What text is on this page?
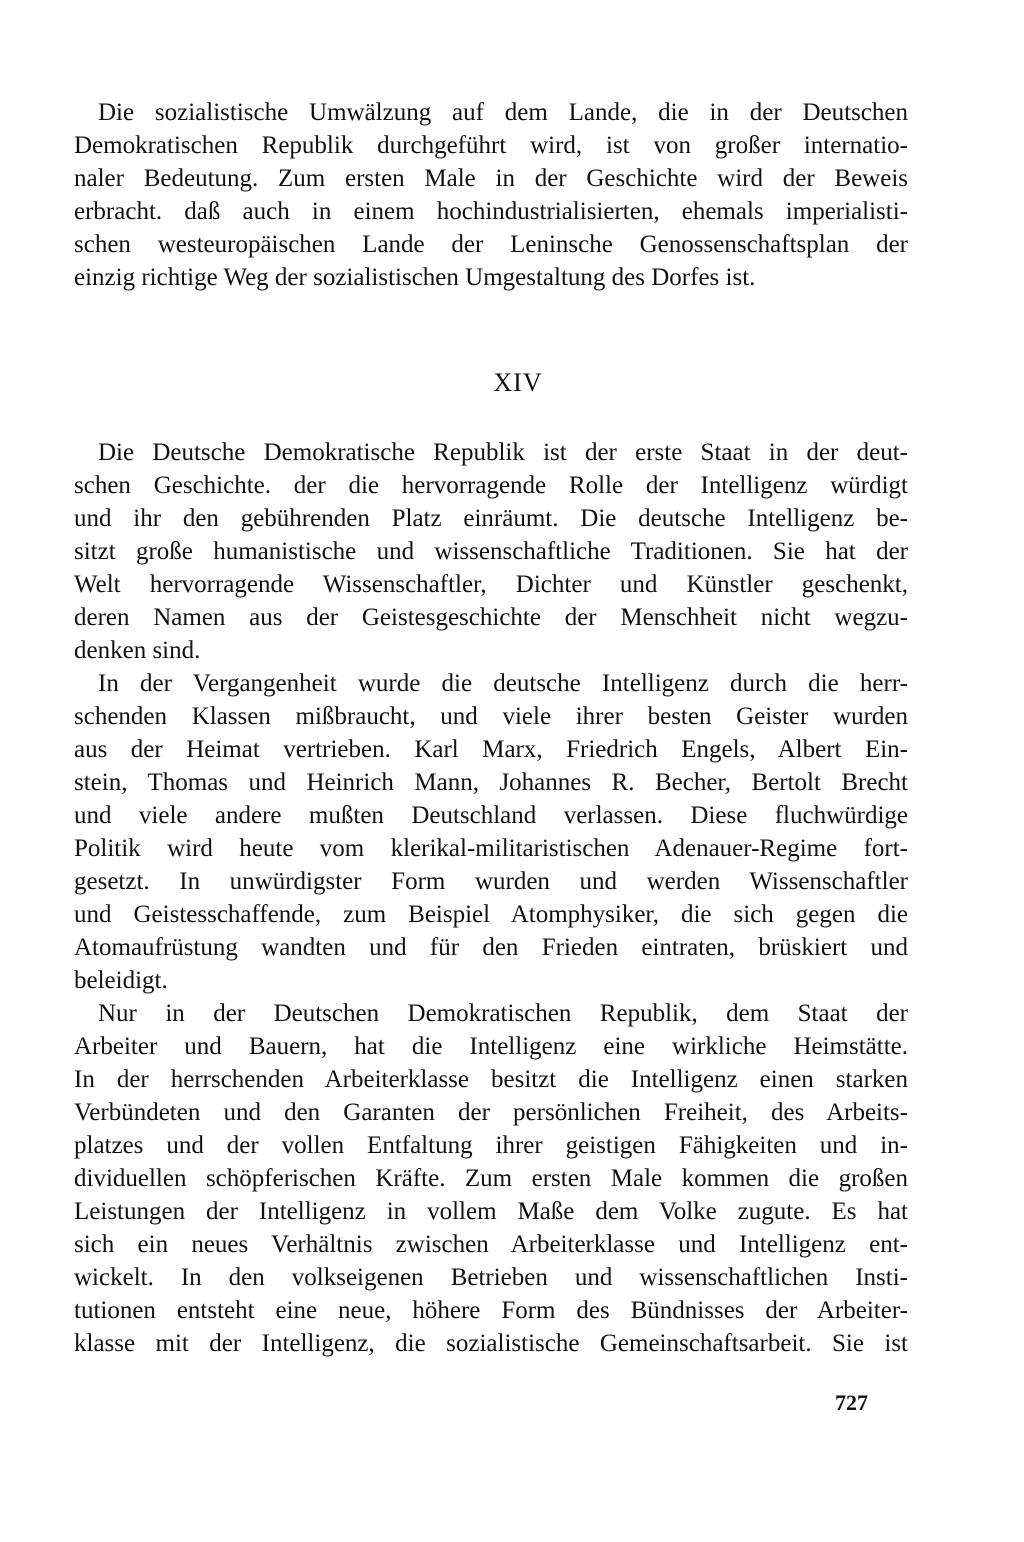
Die sozialistische Umwälzung auf dem Lande, die in der Deutschen
Demokratischen Republik durchgeführt wird, ist von großer internatio-
naler Bedeutung. Zum ersten Male in der Geschichte wird der Beweis
erbracht. daß auch in einem hochindustrialisierten, ehemals imperialisti-
schen westeuropäischen Lande der Leninsche Genossenschaftsplan der
einzig richtige Weg der sozialistischen Umgestaltung des Dorfes ist.
XIV
Die Deutsche Demokratische Republik ist der erste Staat in der deut-
schen Geschichte. der die hervorragende Rolle der Intelligenz würdigt
und ihr den gebührenden Platz einräumt. Die deutsche Intelligenz be-
sitzt große humanistische und wissenschaftliche Traditionen. Sie hat der
Welt hervorragende Wissenschaftler, Dichter und Künstler geschenkt,
deren Namen aus der Geistesgeschichte der Menschheit nicht wegzu-
denken sind.
In der Vergangenheit wurde die deutsche Intelligenz durch die herr-
schenden Klassen mißbraucht, und viele ihrer besten Geister wurden
aus der Heimat vertrieben. Karl Marx, Friedrich Engels, Albert Ein-
stein, Thomas und Heinrich Mann, Johannes R. Becher, Bertolt Brecht
und viele andere mußten Deutschland verlassen. Diese fluchwürdige
Politik wird heute vom klerikal-militaristischen Adenauer-Regime fort-
gesetzt. In unwürdigster Form wurden und werden Wissenschaftler
und Geistesschaffende, zum Beispiel Atomphysiker, die sich gegen die
Atomaufrüstung wandten und für den Frieden eintraten, brüskiert und
beleidigt.
Nur in der Deutschen Demokratischen Republik, dem Staat der
Arbeiter und Bauern, hat die Intelligenz eine wirkliche Heimstätte.
In der herrschenden Arbeiterklasse besitzt die Intelligenz einen starken
Verbündeten und den Garanten der persönlichen Freiheit, des Arbeits-
platzes und der vollen Entfaltung ihrer geistigen Fähigkeiten und in-
dividuellen schöpferischen Kräfte. Zum ersten Male kommen die großen
Leistungen der Intelligenz in vollem Maße dem Volke zugute. Es hat
sich ein neues Verhältnis zwischen Arbeiterklasse und Intelligenz ent-
wickelt. In den volkseigenen Betrieben und wissenschaftlichen Insti-
tutionen entsteht eine neue, höhere Form des Bündnisses der Arbeiter-
klasse mit der Intelligenz, die sozialistische Gemeinschaftsarbeit. Sie ist
727
